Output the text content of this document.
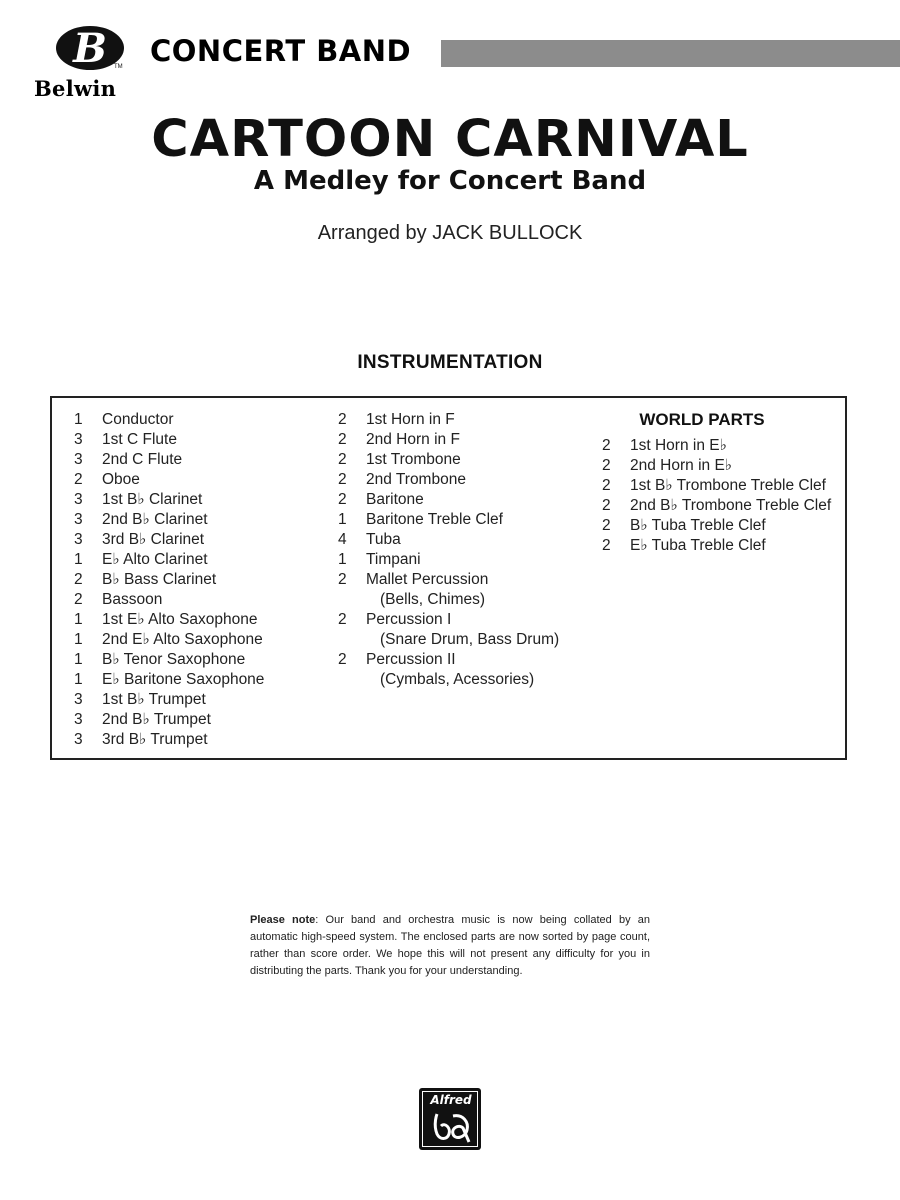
B TM
Belwin
CONCERT BAND
CARTOON CARNIVAL
A Medley for Concert Band
Arranged by JACK BULLOCK
INSTRUMENTATION
1	Conductor
3	1st C Flute
3	2nd C Flute
2	Oboe
3	1st B♭ Clarinet
3	2nd B♭ Clarinet
3	3rd B♭ Clarinet
1	E♭ Alto Clarinet
2	B♭ Bass Clarinet
2	Bassoon
1	1st E♭ Alto Saxophone
1	2nd E♭ Alto Saxophone
1	B♭ Tenor Saxophone
1	E♭ Baritone Saxophone
3	1st B♭ Trumpet
3	2nd B♭ Trumpet
3	3rd B♭ Trumpet
2	1st Horn in F
2	2nd Horn in F
2	1st Trombone
2	2nd Trombone
2	Baritone
1	Baritone Treble Clef
4	Tuba
1	Timpani
2	Mallet Percussion
(Bells, Chimes)
2	Percussion I
(Snare Drum, Bass Drum)
2	Percussion II
(Cymbals, Acessories)
WORLD PARTS
2	1st Horn in E♭
2	2nd Horn in E♭
2	1st B♭ Trombone Treble Clef
2	2nd B♭ Trombone Treble Clef
2	B♭ Tuba Treble Clef
2	E♭ Tuba Treble Clef
Please note: Our band and orchestra music is now being collated by an automatic high-speed system. The enclosed parts are now sorted by page count, rather than score order. We hope this will not present any difficulty for you in distributing the parts. Thank you for your understanding.
Alfred
